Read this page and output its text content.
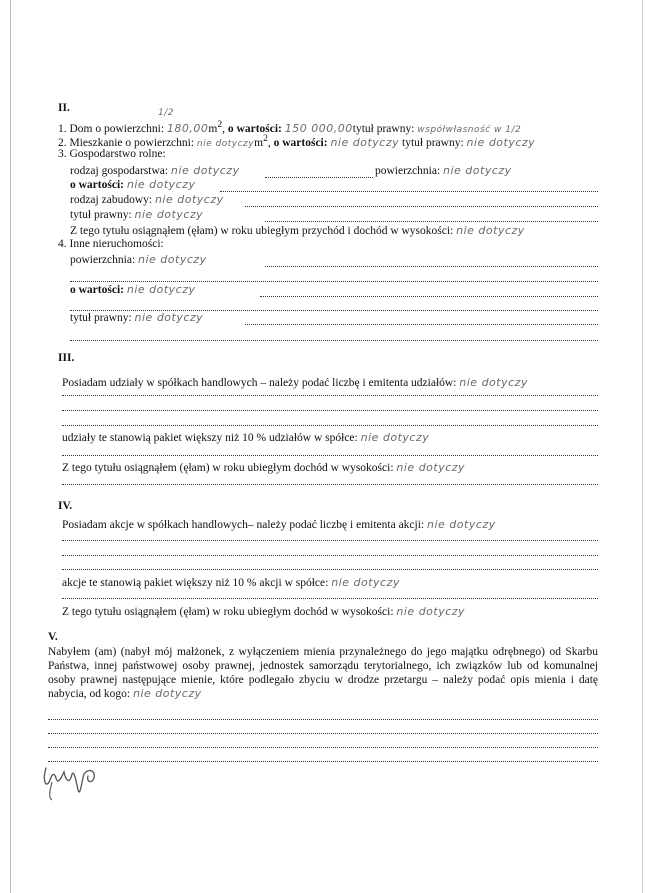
II.
1. Dom o powierzchni: $180,00m^2$, o wartości: 150 000,00tytuł prawny: współwłasność w 1/2
1/2
2. Mieszkanie o powierzchni: nie dotyczym$^2$, o wartości: nie dotyczy tytuł prawny: nie dotyczy
3. Gospodarstwo rolne:
rodzaj gospodarstwa: nie dotyczy	powierzchnia: nie dotyczy
o wartości: nie dotyczy
rodzaj zabudowy: nie dotyczy
tytuł prawny: nie dotyczy
Z tego tytułu osiągnąłem (ęłam) w roku ubiegłym przychód i dochód w wysokości: nie dotyczy
4. Inne nieruchomości:
powierzchnia: nie dotyczy
o wartości: nie dotyczy
tytuł prawny: nie dotyczy
III.
Posiadam udziały w spółkach handlowych – należy podać liczbę i emitenta udziałów: nie dotyczy
udziały te stanowią pakiet większy niż 10 % udziałów w spółce: nie dotyczy
Z tego tytułu osiągnąłem (ęłam) w roku ubiegłym dochód w wysokości: nie dotyczy
IV.
Posiadam akcje w spółkach handlowych– należy podać liczbę i emitenta akcji: nie dotyczy
akcje te stanowią pakiet większy niż 10 % akcji w spółce: nie dotyczy
Z tego tytułu osiągnąłem (ęłam) w roku ubiegłym dochód w wysokości: nie dotyczy
V.
Nabyłem (am) (nabył mój małżonek, z wyłączeniem mienia przynależnego do jego majątku odrębnego) od Skarbu Państwa, innej państwowej osoby prawnej, jednostek samorządu terytorialnego, ich związków lub od komunalnej osoby prawnej następujące mienie, które podlegało zbyciu w drodze przetargu – należy podać opis mienia i datę nabycia, od kogo: nie dotyczy
